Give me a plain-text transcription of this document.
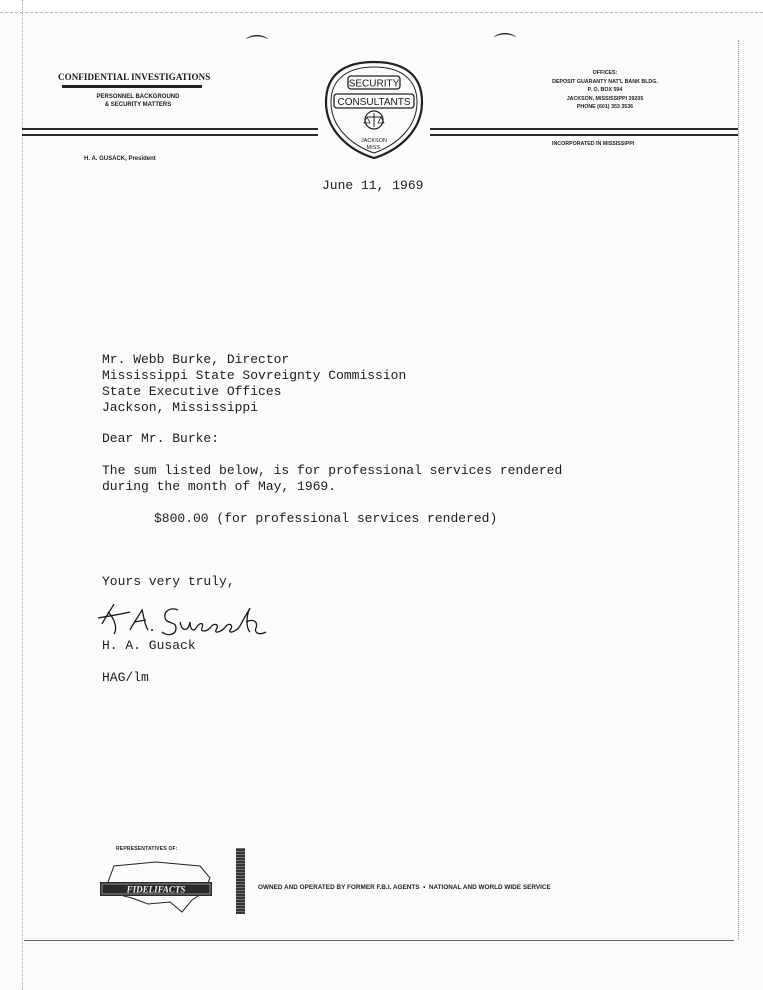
⌒	⌒
CONFIDENTIAL INVESTIGATIONS
PERSONNEL BACKGROUND
& SECURITY MATTERS
H. A. GUSACK, President
OFFICES:
DEPOSIT GUARANTY NAT'L BANK BLDG.
P. O. BOX 594
JACKSON, MISSISSIPPI 39205
PHONE (601) 353 3536
INCORPORATED IN MISSISSIPPI
SECURITY
CONSULTANTS
JACKSON
MISS.
June 11, 1969
Mr. Webb Burke, Director
Mississippi State Sovreignty Commission
State Executive Offices
Jackson, Mississippi
Dear Mr. Burke:
The sum listed below, is for professional services rendered
during the month of May, 1969.
$800.00 (for professional services rendered)
Yours very truly,
H. A. Gusack
HAG/lm
REPRESENTATIVES OF:
FIDELIFACTS	OWNED AND OPERATED BY FORMER F.B.I. AGENTS  •  NATIONAL AND WORLD WIDE SERVICE
